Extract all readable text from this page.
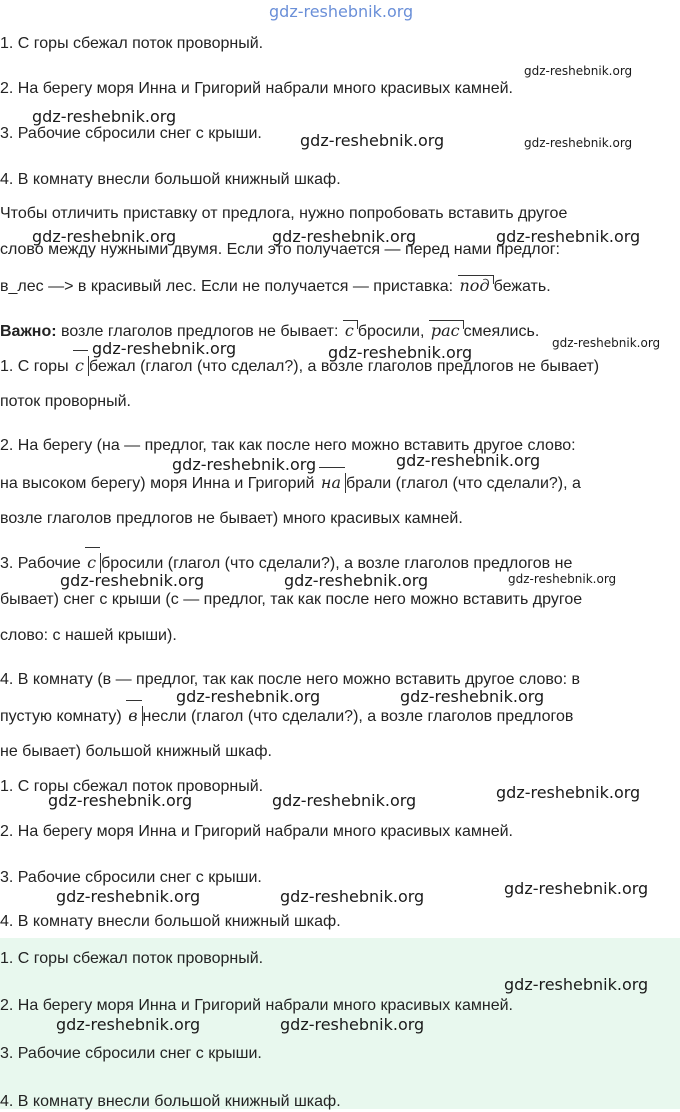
1. С горы сбежал поток проворный.

2. На берегу моря Инна и Григорий набрали много красивых камней.

3. Рабочие сбросили снег с крыши.

4. В комнату внесли большой книжный шкаф.

Чтобы отличить приставку от предлога, нужно попробовать вставить другое

слово между нужными двумя. Если это получается — перед нами предлог:

в_лес —> в красивый лес. Если не получается — приставка: под бежать.

Важно: возле глаголов предлогов не бывает: с бросили, рас смеялись.

1. С горы с бежал (глагол (что сделал?), а возле глаголов предлогов не бывает)

поток проворный.

2. На берегу (на — предлог, так как после него можно вставить другое слово:

на высоком берегу) моря Инна и Григорий на брали (глагол (что сделали?), а

возле глаголов предлогов не бывает) много красивых камней.

3. Рабочие с бросили (глагол (что сделали?), а возле глаголов предлогов не

бывает) снег с крыши (с — предлог, так как после него можно вставить другое

слово: с нашей крыши).

4. В комнату (в — предлог, так как после него можно вставить другое слово: в

пустую комнату) в несли (глагол (что сделали?), а возле глаголов предлогов

не бывает) большой книжный шкаф.

1. С горы сбежал поток проворный.

2. На берегу моря Инна и Григорий набрали много красивых камней.

3. Рабочие сбросили снег с крыши.

4. В комнату внесли большой книжный шкаф.

1. С горы сбежал поток проворный.

2. На берегу моря Инна и Григорий набрали много красивых камней.

3. Рабочие сбросили снег с крыши.

4. В комнату внесли большой книжный шкаф.

gdz-reshebnik.org
gdz-reshebnik.org
gdz-reshebnik.org
gdz-reshebnik.org	gdz-reshebnik.org
gdz-reshebnik.org	gdz-reshebnik.org	gdz-reshebnik.org
gdz-reshebnik.org
gdz-reshebnik.org	gdz-reshebnik.org
gdz-reshebnik.org	gdz-reshebnik.org
gdz-reshebnik.org	gdz-reshebnik.org	gdz-reshebnik.org
gdz-reshebnik.org	gdz-reshebnik.org
gdz-reshebnik.org	gdz-reshebnik.org	gdz-reshebnik.org
gdz-reshebnik.org	gdz-reshebnik.org	gdz-reshebnik.org
gdz-reshebnik.org
gdz-reshebnik.org	gdz-reshebnik.org
